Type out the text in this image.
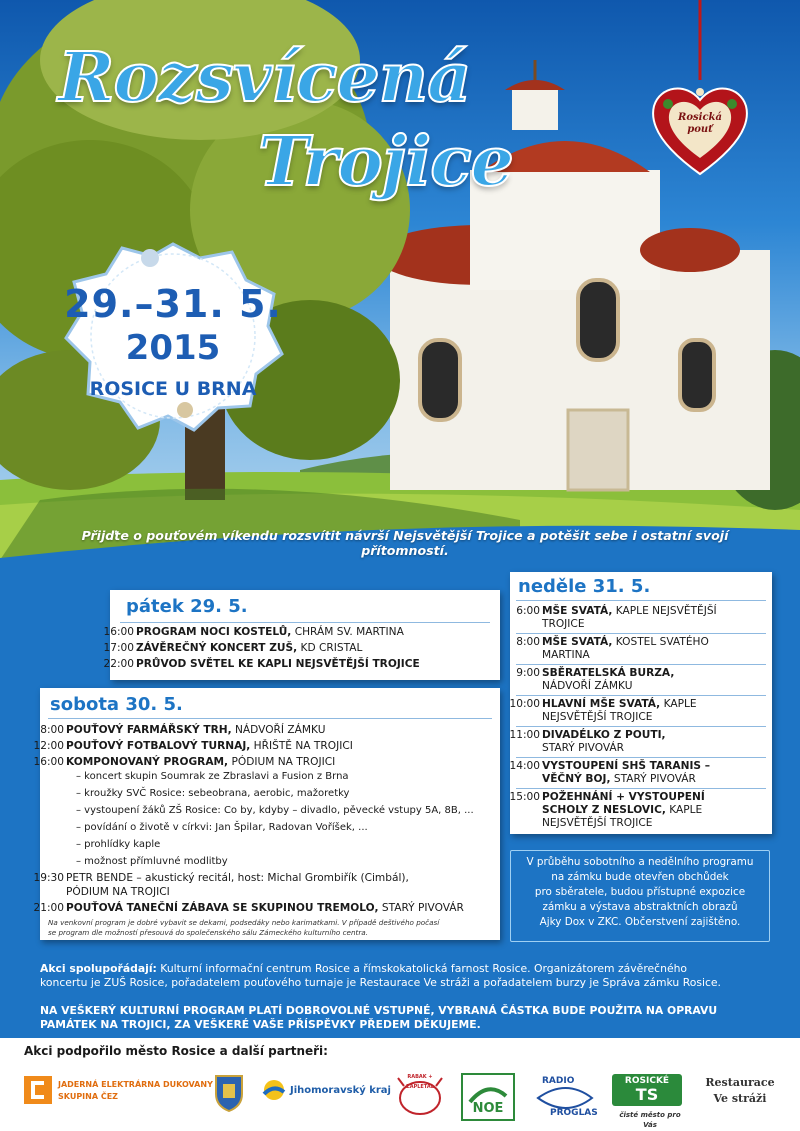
Rozsvícená
Trojice
29.–31. 5.
2015
ROSICE U BRNA
Rosická
pouť
Přijďte o pouťovém víkendu rozsvítit návrší Nejsvětější Trojice a potěšit sebe i ostatní svojí přítomností.
pátek 29. 5.
16:00 PROGRAM NOCI KOSTELŮ, CHRÁM SV. MARTINA
17:00 ZÁVĚREČNÝ KONCERT ZUŠ, KD CRISTAL
22:00 PRŮVOD SVĚTEL KE KAPLI NEJSVĚTĚJŠÍ TROJICE
sobota 30. 5.
8:00 POUŤOVÝ FARMÁŘSKÝ TRH, NÁDVOŘÍ ZÁMKU
12:00 POUŤOVÝ FOTBALOVÝ TURNAJ, HŘIŠTĚ NA TROJICI
16:00 KOMPONOVANÝ PROGRAM, PÓDIUM NA TROJICI
– koncert skupin Soumrak ze Zbraslavi a Fusion z Brna
– kroužky SVČ Rosice: sebeobrana, aerobic, mažoretky
– vystoupení žáků ZŠ Rosice: Co by, kdyby – divadlo, pěvecké vstupy 5A, 8B, ...
– povídání o životě v církvi: Jan Špilar, Radovan Voříšek, ...
– prohlídky kaple
– možnost přímluvné modlitby
19:30 PETR BENDE – akustický recitál, host: Michal Grombiřík (Cimbál),
PÓDIUM NA TROJICI
21:00 POUŤOVÁ TANEČNÍ ZÁBAVA SE SKUPINOU TREMOLO, STARÝ PIVOVÁR
Na venkovní program je dobré vybavit se dekami, podsedáky nebo karimatkami. V případě deštivého počasí
se program dle možností přesouvá do společenského sálu Zámeckého kulturního centra.
neděle 31. 5.
6:00 MŠE SVATÁ, KAPLE NEJSVĚTĚJŠÍ
TROJICE
8:00 MŠE SVATÁ, KOSTEL SVATÉHO
MARTINA
9:00 SBĚRATELSKÁ BURZA,
NÁDVOŘÍ ZÁMKU
10:00 HLAVNÍ MŠE SVATÁ, KAPLE
NEJSVĚTĚJŠÍ TROJICE
11:00 DIVADÉLKO Z POUTI,
STARÝ PIVOVÁR
14:00 VYSTOUPENÍ SHŠ TARANIS –
VĚČNÝ BOJ, STARÝ PIVOVÁR
15:00 POŽEHNÁNÍ + VYSTOUPENÍ
SCHOLY Z NESLOVIC, KAPLE
NEJSVĚTĚJŠÍ TROJICE
V průběhu sobotního a nedělního programu
na zámku bude otevřen obchůdek
pro sběratele, budou přístupné expozice
zámku a výstava abstraktních obrazů
Ajky Dox v ZKC. Občerstvení zajištěno.
Akci spolupořádají: Kulturní informační centrum Rosice a římskokatolická farnost Rosice. Organizátorem závěrečného
koncertu je ZUŠ Rosice, pořadatelem pouťového turnaje je Restaurace Ve stráži a pořadatelem burzy je Správa zámku Rosice.
NA VEŠKERÝ KULTURNÍ PROGRAM PLATÍ DOBROVOLNÉ VSTUPNÉ, VYBRANÁ ČÁSTKA BUDE POUŽITA NA OPRAVU
PAMÁTEK NA TROJICI, ZA VEŠKERÉ VAŠE PŘÍSPĚVKY PŘEDEM DĚKUJEME.
Akci podpořilo město Rosice a další partneři:
JADERNÁ ELEKTRÁRNA DUKOVANY
SKUPINA ČEZ
Jihomoravský kraj
RABAK + ZAPLETAL
NOE
RADIO
PROGLAS
ROSICKÉ
TS
čisté město pro Vás
Restaurace
Ve stráži
